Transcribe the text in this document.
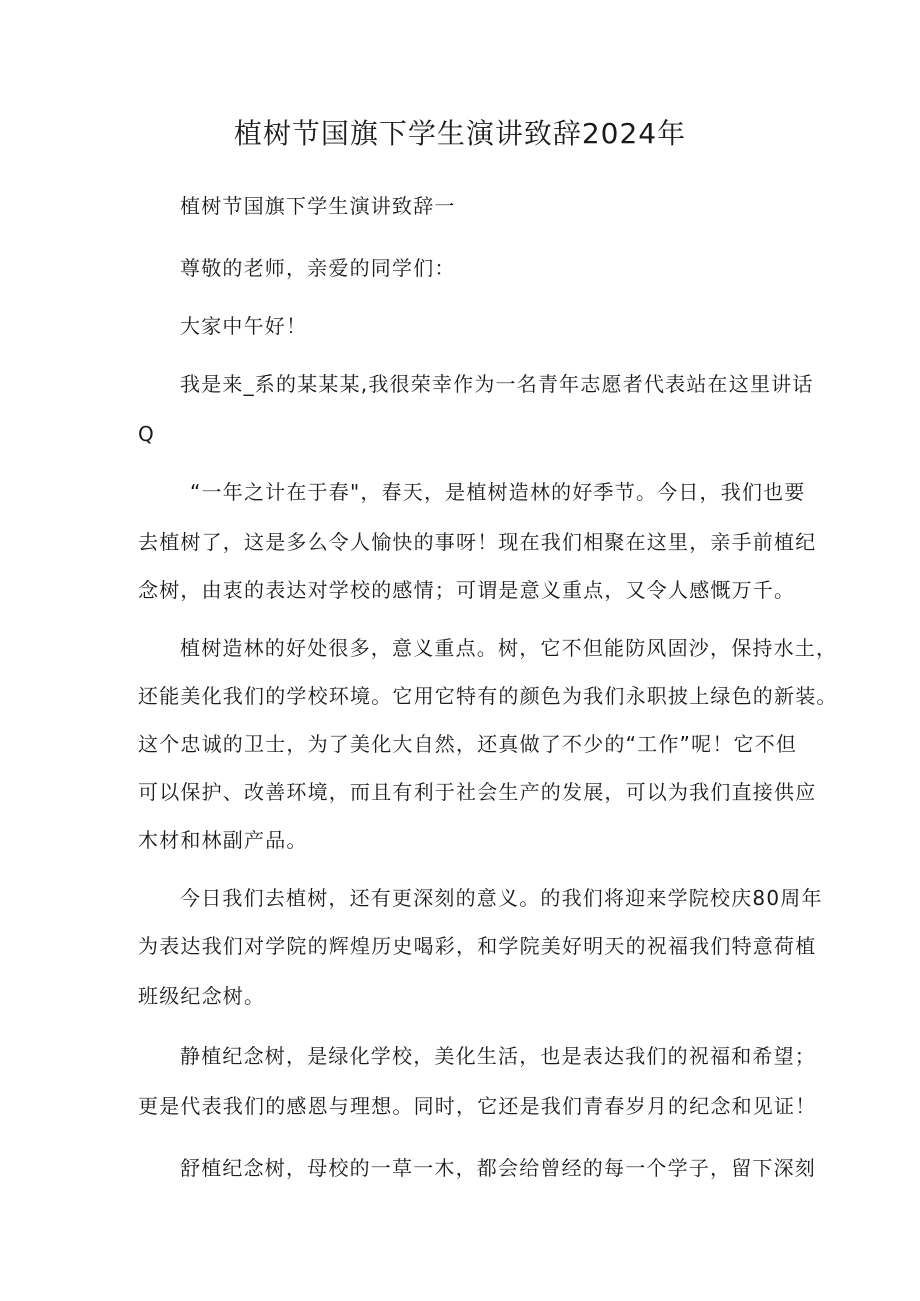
植树节国旗下学生演讲致辞2024年

植树节国旗下学生演讲致辞一

尊敬的老师，亲爱的同学们：

大家中午好！

我是来_系的某某某,我很荣幸作为一名青年志愿者代表站在这里讲话

Q

“一年之计在于春"，春天，是植树造林的好季节。今日，我们也要

去植树了，这是多么令人愉快的事呀！现在我们相聚在这里，亲手前植纪

念树，由衷的表达对学校的感情；可谓是意义重点，又令人感慨万千。

植树造林的好处很多，意义重点。树，它不但能防风固沙，保持水土，

还能美化我们的学校环境。它用它特有的颜色为我们永职披上绿色的新装。

这个忠诚的卫士，为了美化大自然，还真做了不少的“工作”呢！它不但

可以保护、改善环境，而且有利于社会生产的发展，可以为我们直接供应

木材和林副产品。

今日我们去植树，还有更深刻的意义。的我们将迎来学院校庆80周年

为表达我们对学院的辉煌历史喝彩，和学院美好明天的祝福我们特意荷植

班级纪念树。

静植纪念树，是绿化学校，美化生活，也是表达我们的祝福和希望；

更是代表我们的感恩与理想。同时，它还是我们青春岁月的纪念和见证！

舒植纪念树，母校的一草一木，都会给曾经的每一个学子，留下深刻
